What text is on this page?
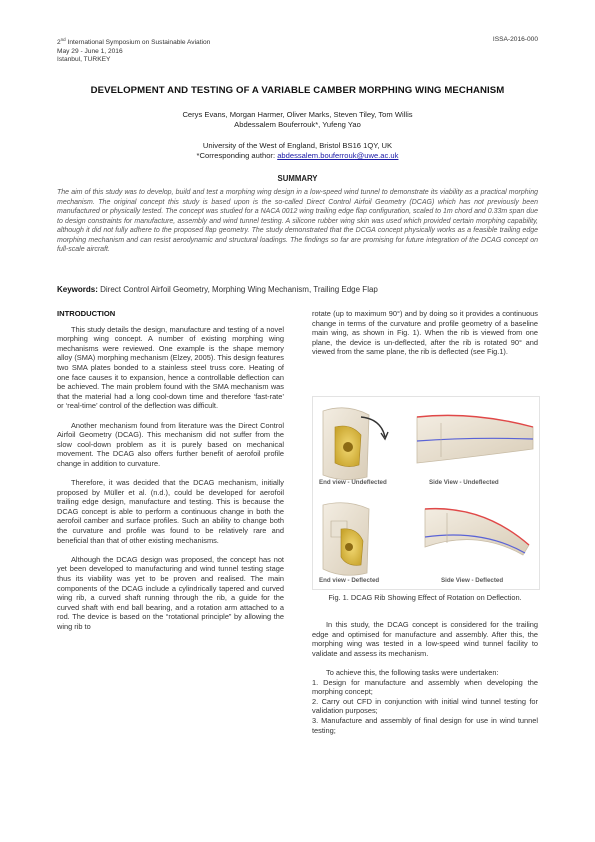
2nd International Symposium on Sustainable Aviation
May 29 - June 1, 2016
Istanbul, TURKEY
ISSA-2016-000
DEVELOPMENT AND TESTING OF A VARIABLE CAMBER MORPHING WING MECHANISM
Cerys Evans, Morgan Harmer, Oliver Marks, Steven Tiley, Tom Willis
Abdessalem Bouferrouk*, Yufeng Yao
University of the West of England, Bristol BS16 1QY, UK
*Corresponding author: abdessalem.bouferrouk@uwe.ac.uk
SUMMARY
The aim of this study was to develop, build and test a morphing wing design in a low-speed wind tunnel to demonstrate its viability as a practical morphing mechanism. The original concept this study is based upon is the so-called Direct Control Airfoil Geometry (DCAG) which has not previously been manufactured or physically tested. The concept was studied for a NACA 0012 wing trailing edge flap configuration, scaled to 1m chord and 0.33m span due to design constraints for manufacture, assembly and wind tunnel testing. A silicone rubber wing skin was used which provided certain morphing capability, although it did not fully adhere to the proposed flap geometry. The study demonstrated that the DCGA concept physically works as a feasible trailing edge morphing mechanism and can resist aerodynamic and structural loadings. The findings so far are promising for future integration of the DCAG concept on full-scale aircraft.
Keywords: Direct Control Airfoil Geometry, Morphing Wing Mechanism, Trailing Edge Flap
INTRODUCTION

This study details the design, manufacture and testing of a novel morphing wing concept. A number of existing morphing wing mechanisms were reviewed. One example is the shape memory alloy (SMA) morphing mechanism (Elzey, 2005). This design features two SMA plates bonded to a stainless steel truss core. Heating of one face causes it to expansion, hence a controllable deflection can be achieved. The main problem found with the SMA mechanism was that the material had a long cool-down time and therefore ‘fast-rate’ or ‘real-time’ control of the deflection was difficult.

Another mechanism found from literature was the Direct Control Airfoil Geometry (DCAG). This mechanism did not suffer from the slow cool-down problem as it is purely based on mechanical movement. The DCAG also offers further benefit of aerofoil profile change in addition to curvature.

Therefore, it was decided that the DCAG mechanism, initially proposed by Müller et al. (n.d.), could be developed for aerofoil trailing edge design, manufacture and testing. This is because the DCAG concept is able to perform a continuous change in both the aerofoil camber and surface profiles. Such an ability to change both the curvature and profile was found to be relatively rare and beneficial than that of other existing mechanisms.

Although the DCAG design was proposed, the concept has not yet been developed to manufacturing and wind tunnel testing stage thus its viability was yet to be proven and realised. The main components of the DCAG include a cylindrically tapered and curved wing rib, a curved shaft running through the rib, a guide for the curved shaft with end ball bearing, and a rotation arm attached to a rod. The device is based on the “rotational principle” by allowing the wing rib to

rotate (up to maximum 90°) and by doing so it provides a continuous change in terms of the curvature and profile geometry of a baseline main wing, as shown in Fig. 1). When the rib is viewed from one plane, the device is un-deflected, after the rib is rotated 90° and viewed from the same plane, the rib is deflected (see Fig.1).

End view - Undeflected	Side View - Undeflected
End view - Deflected	Side View - Deflected
Fig. 1. DCAG Rib Showing Effect of Rotation on Deflection.

In this study, the DCAG concept is considered for the trailing edge and optimised for manufacture and assembly. After this, the morphing wing was tested in a low-speed wind tunnel facility to validate and assess its mechanism.

To achieve this, the following tasks were undertaken:

1. Design for manufacture and assembly when developing the morphing concept;

2. Carry out CFD in conjunction with initial wind tunnel testing for validation purposes;

3. Manufacture and assembly of final design for use in wind tunnel testing;
